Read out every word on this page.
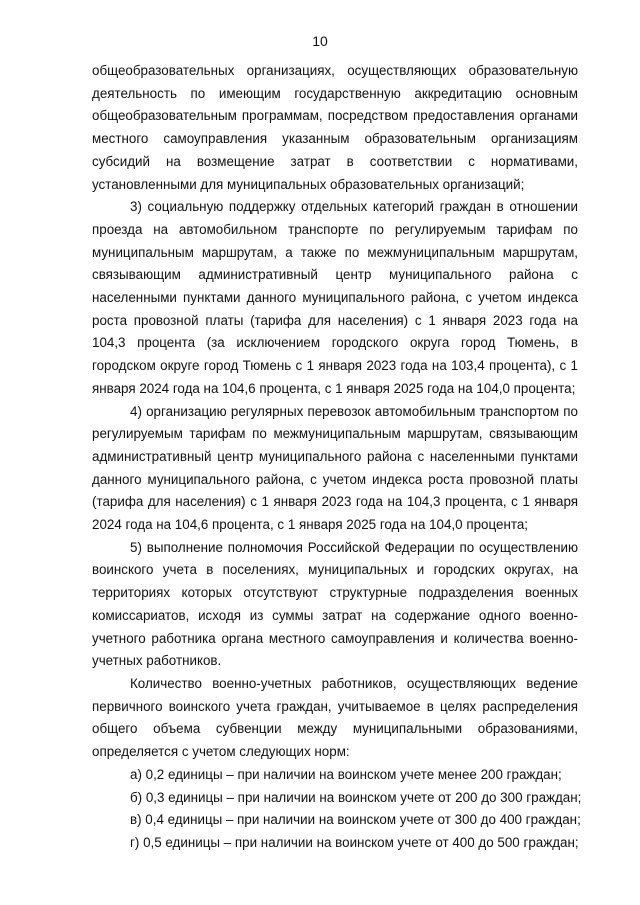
10

общеобразовательных организациях, осуществляющих образовательную деятельность по имеющим государственную аккредитацию основным общеобразовательным программам, посредством предоставления органами местного самоуправления указанным образовательным организациям субсидий на возмещение затрат в соответствии с нормативами, установленными для муниципальных образовательных организаций;

3) социальную поддержку отдельных категорий граждан в отношении проезда на автомобильном транспорте по регулируемым тарифам по муниципальным маршрутам, а также по межмуниципальным маршрутам, связывающим административный центр муниципального района с населенными пунктами данного муниципального района, с учетом индекса роста провозной платы (тарифа для населения) с 1 января 2023 года на 104,3 процента (за исключением городского округа город Тюмень, в городском округе город Тюмень с 1 января 2023 года на 103,4 процента), с 1 января 2024 года на 104,6 процента, с 1 января 2025 года на 104,0 процента;

4) организацию регулярных перевозок автомобильным транспортом по регулируемым тарифам по межмуниципальным маршрутам, связывающим административный центр муниципального района с населенными пунктами данного муниципального района, с учетом индекса роста провозной платы (тарифа для населения) с 1 января 2023 года на 104,3 процента, с 1 января 2024 года на 104,6 процента, с 1 января 2025 года на 104,0 процента;

5) выполнение полномочия Российской Федерации по осуществлению воинского учета в поселениях, муниципальных и городских округах, на территориях которых отсутствуют структурные подразделения военных комиссариатов, исходя из суммы затрат на содержание одного военно-учетного работника органа местного самоуправления и количества военно-учетных работников.

Количество военно-учетных работников, осуществляющих ведение первичного воинского учета граждан, учитываемое в целях распределения общего объема субвенции между муниципальными образованиями, определяется с учетом следующих норм:

а) 0,2 единицы – при наличии на воинском учете менее 200 граждан;

б) 0,3 единицы – при наличии на воинском учете от 200 до 300 граждан;

в) 0,4 единицы – при наличии на воинском учете от 300 до 400 граждан;

г) 0,5 единицы – при наличии на воинском учете от 400 до 500 граждан;
